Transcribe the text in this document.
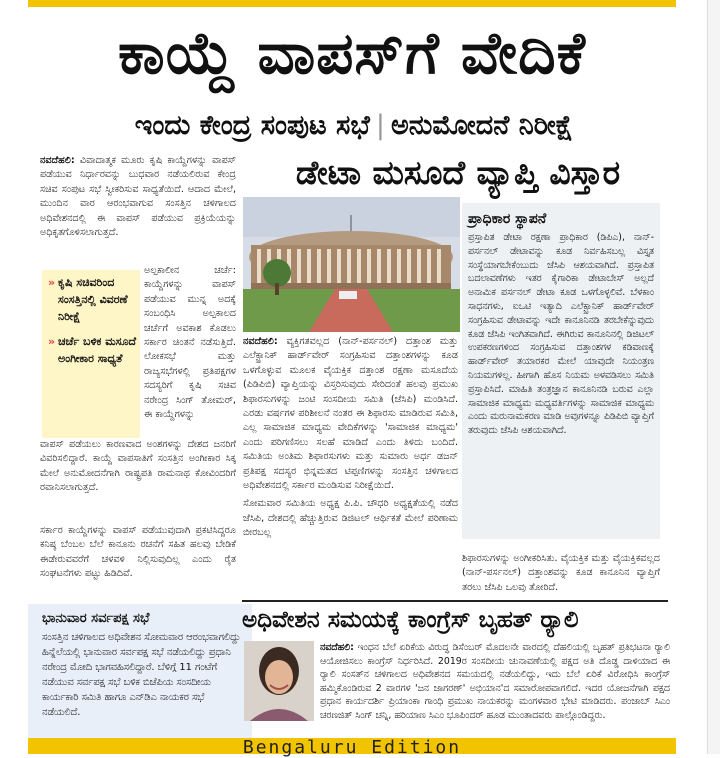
ಕಾಯ್ದೆ ವಾಪಸ್‌ಗೆ ವೇದಿಕೆ
ಇಂದು ಕೇಂದ್ರ ಸಂಪುಟ ಸಭೆ | ಅನುಮೋದನೆ ನಿರೀಕ್ಷೆ

ನವದೆಹಲಿ: ವಿವಾದಾತ್ಮಕ ಮೂರು ಕೃಷಿ ಕಾಯ್ದೆಗಳನ್ನು ವಾಪಸ್ ಪಡೆಯುವ ನಿರ್ಧಾರವನ್ನು ಬುಧವಾರ ನಡೆಯಲಿರುವ ಕೇಂದ್ರ ಸಚಿವ ಸಂಪುಟ ಸಭೆ ಸ್ವೀಕರಿಸುವ ಸಾಧ್ಯತೆಯಿದೆ. ಆದಾದ ಮೇಲೆ, ಮುಂದಿನ ವಾರ ಆರಂಭವಾಗುವ ಸಂಸತ್ತಿನ ಚಳಿಗಾಲದ ಅಧಿವೇಶನದಲ್ಲಿ ಈ ವಾಪಸ್ ಪಡೆಯುವ ಪ್ರಕ್ರಿಯೆಯನ್ನು ಅಧಿಕೃತಗೊಳಿಸಲಾಗುತ್ತದೆ.

» ಕೃಷಿ ಸಚಿವರಿಂದ ಸಂಸತ್ತಿನಲ್ಲಿ ವಿವರಣೆ ನಿರೀಕ್ಷೆ
» ಚರ್ಚೆ ಬಳಿಕ ಮಸೂದೆ ಅಂಗೀಕಾರ ಸಾಧ್ಯತೆ
ಅಲ್ಪಕಾಲೀನ ಚರ್ಚೆ: ಕಾಯ್ದೆಗಳನ್ನು ವಾಪಸ್ ಪಡೆಯುವ ಮುನ್ನ ಅದಕ್ಕೆ ಸಂಬಂಧಿಸಿ ಅಲ್ಪಕಾಲದ ಚರ್ಚೆಗೆ ಅವಕಾಶ ಕೊಡಲು ಸರ್ಕಾರ ಚಿಂತನೆ ನಡೆಸುತ್ತಿದೆ. ಲೋಕಸಭೆ ಮತ್ತು ರಾಜ್ಯಸಭೆಗಳಲ್ಲಿ ಪ್ರತಿಪಕ್ಷಗಳ ಸದಸ್ಯರಿಗೆ ಕೃಷಿ ಸಚಿವ ನರೇಂದ್ರ ಸಿಂಗ್ ತೋಮರ್, ಈ ಕಾಯ್ದೆಗಳನ್ನು
ವಾಪಸ್ ಪಡೆಯಲು ಕಾರಣವಾದ ಅಂಶಗಳನ್ನು ದೇಶದ ಜನರಿಗೆ ವಿವರಿಸಲಿದ್ದಾರೆ. ಕಾಯ್ದೆ ವಾಪಸಾತಿಗೆ ಸಂಸತ್ತಿನ ಅಂಗೀಕಾರ ಸಿಕ್ಕ ಮೇಲೆ ಅನುಮೋದನೆಗಾಗಿ ರಾಷ್ಟ್ರಪತಿ ರಾಮನಾಥ ಕೋವಿಂದರಿಗೆ ರವಾನಿಸಲಾಗುತ್ತದೆ.
ಸರ್ಕಾರ ಕಾಯ್ದೆಗಳನ್ನು ವಾಪಸ್ ಪಡೆಯುವುದಾಗಿ ಪ್ರಕಟಿಸಿದ್ದರೂ ಕನಿಷ್ಠ ಬೆಂಬಲ ಬೆಲೆ ಕಾನೂನು ರಚನೆಗೆ ಸಹಿತ ಹಲವು ಬೇಡಿಕೆ ಈಡೇರುವವರೆಗೆ ಚಳವಳಿ ನಿಲ್ಲಿಸುವುದಿಲ್ಲ ಎಂದು ರೈತ ಸಂಘಟನೆಗಳು ಪಟ್ಟು ಹಿಡಿದಿವೆ.
ಭಾನುವಾರ ಸರ್ವಪಕ್ಷ ಸಭೆ
ಸಂಸತ್ತಿನ ಚಳಿಗಾಲದ ಅಧಿವೇಶನ ಸೋಮವಾರ ಆರಂಭವಾಗಲಿದ್ದು ಹಿನ್ನೆಲೆಯಲ್ಲಿ ಭಾನುವಾರ ಸರ್ವಪಕ್ಷ ಸಭೆ ನಡೆಯಲಿದ್ದು ಪ್ರಧಾನಿ ನರೇಂದ್ರ ಮೋದಿ ಭಾಗವಹಿಸಲಿದ್ದಾರೆ. ಬೆಳಿಗ್ಗೆ 11 ಗಂಟೆಗೆ ನಡೆಯುವ ಸರ್ವಪಕ್ಷ ಸಭೆ ಬಳಿಕ ಬಿಜೆಪಿಯ ಸಂಸದೀಯ ಕಾರ್ಯಕಾರಿ ಸಮಿತಿ ಹಾಗೂ ಎನ್‌ಡಿಎ ನಾಯಕರ ಸಭೆ ನಡೆಯಲಿದೆ.
ಡೇಟಾ ಮಸೂದೆ ವ್ಯಾಪ್ತಿ ವಿಸ್ತಾರ
ಪ್ರಾಧಿಕಾರ ಸ್ಥಾಪನೆ
ಪ್ರಸ್ತಾಪಿತ ಡೇಟಾ ರಕ್ಷಣಾ ಪ್ರಾಧಿಕಾರ (ಡಿಪಿಎ), ನಾನ್-ಪರ್ಸನಲ್ ಡೇಟಾವನ್ನು ಕೂಡ ನಿರ್ವಹಿಸಬಲ್ಲ ವಿಸ್ತೃತ ಸಂಸ್ಥೆಯಾಗಬೇಕೆಂಬುದು ಜೆಸಿಪಿ ಆಶಯವಾಗಿದೆ. ಪ್ರಸ್ತಾಪಿತ ಬದಲಾವಣೆಗಳು ಇತರ ಕೈಗಾರಿಕಾ ಡೇಟಾಬೇಸ್ ಅಲ್ಲದೆ ಅನಾಮಿಕ ಪರ್ಸನಲ್ ಡೇಟಾ ಕೂಡ ಒಳಗೊಳ್ಳಲಿವೆ. ಬೆಳಕಾಂ ಸಾಧನಗಳು, ಐಒಟಿ ಇತ್ಯಾದಿ ಎಲೆಕ್ಟ್ರಾನಿಕ್ ಹಾರ್ಡ್‌ವೇರ್ ಸಂಗ್ರಹಿಸುವ ಡೇಟಾವನ್ನು ಇದೇ ಕಾನೂನಿನಡಿ ತರಬೇಕೆನ್ನುವುದು ಕೂಡ ಜೆಸಿಪಿ ಇಂಗಿತವಾಗಿದೆ. ಈಗಿರುವ ಕಾನೂನಿನಲ್ಲಿ ಡಿಜಿಟಲ್ ಉಪಕರಣಗಳಿಂದ ಸಂಗ್ರಹಿಸುವ ದತ್ತಾಂಶಗಳ ಕಡಿವಾಣಕ್ಕೆ ಹಾರ್ಡ್‌ವೇರ್ ತಯಾರಕರ ಮೇಲೆ ಯಾವುದೇ ನಿಯಂತ್ರಣ ನಿಯಮಗಳಿಲ್ಲ. ಹೀಗಾಗಿ ಹೊಸ ನಿಯಮ ಅಳವಡಿಸಲು ಸಮಿತಿ ಪ್ರಸ್ತಾಪಿಸಿದೆ. ಮಾಹಿತಿ ತಂತ್ರಜ್ಞಾನ ಕಾನೂನಿನಡಿ ಬರುವ ಎಲ್ಲಾ ಸಾಮಾಜಿಕ ಮಾಧ್ಯಮ ಮಧ್ಯವರ್ತಿಗಳನ್ನು ಸಾಮಾಜಿಕ ಮಾಧ್ಯಮ ಎಂದು ಮರುನಾಮಕರಣ ಮಾಡಿ ಅವುಗಳನ್ನೂ ಪಿಡಿಪಿಬಿ ವ್ಯಾಪ್ತಿಗೆ ತರುವುದು ಜೆಸಿಪಿ ಆಶಯವಾಗಿದೆ.

ನವದೆಹಲಿ: ವ್ಯಕ್ತಿಗತವಲ್ಲದ (ನಾನ್-ಪರ್ಸನಲ್) ದತ್ತಾಂಶ ಮತ್ತು ಎಲೆಕ್ಟ್ರಾನಿಕ್ ಹಾರ್ಡ್‌ವೇರ್ ಸಂಗ್ರಹಿಸುವ ದತ್ತಾಂಶಗಳನ್ನು ಕೂಡ ಒಳಗೊಳ್ಳುವ ಮೂಲಕ ವೈಯಕ್ತಿಕ ದತ್ತಾಂಶ ರಕ್ಷಣಾ ಮಸೂದೆಯ (ಪಿಡಿಪಿಬಿ) ವ್ಯಾಪ್ತಿಯನ್ನು ವಿಸ್ತರಿಸುವುದು ಸೇರಿದಂತೆ ಹಲವು ಪ್ರಮುಖ ಶಿಫಾರಸುಗಳನ್ನು ಜಂಟಿ ಸಂಸದೀಯ ಸಮಿತಿ (ಜೆಸಿಪಿ) ಮಂಡಿಸಿದೆ. ಎರಡು ವರ್ಷಗಳ ಪರಿಶೀಲನೆ ನಂತರ ಈ ಶಿಫಾರಸು ಮಾಡಿರುವ ಸಮಿತಿ, ಎಲ್ಲ ಸಾಮಾಜಿಕ ಮಾಧ್ಯಮ ವೇದಿಕೆಗಳನ್ನು 'ಸಾಮಾಜಿಕ ಮಾಧ್ಯಮ' ಎಂದು ಪರಿಗಣಿಸಲು ಸಲಹೆ ಮಾಡಿದೆ ಎಂದು ತಿಳಿದು ಬಂದಿದೆ. ಸಮಿತಿಯ ಅಂತಿಮ ಶಿಫಾರಸುಗಳು ಮತ್ತು ಸುಮಾರು ಅರ್ಧ ಡಜನ್ ಪ್ರತಿಪಕ್ಷ ಸದಸ್ಯರ ಭಿನ್ನಮತದ ಟಿಪ್ಪಣಿಗಳನ್ನು ಸಂಸತ್ತಿನ ಚಳಿಗಾಲದ ಅಧಿವೇಶನದಲ್ಲಿ ಸರ್ಕಾರ ಮಂಡಿಸುವ ನಿರೀಕ್ಷೆಯಿದೆ.

ಸೋಮವಾರ ಸಮಿತಿಯ ಅಧ್ಯಕ್ಷ ಪಿ.ಪಿ. ಚೌಧರಿ ಅಧ್ಯಕ್ಷತೆಯಲ್ಲಿ ನಡೆದ ಜೆಸಿಪಿ, ದೇಶದಲ್ಲಿ ಹೆಚ್ಚುತ್ತಿರುವ ಡಿಜಿಟಲ್ ಆರ್ಥಿಕತೆ ಮೇಲೆ ಪರಿಣಾಮ ಬೀರಬಲ್ಲ

ಶಿಫಾರಸುಗಳನ್ನು ಅಂಗೀಕರಿಸಿತು. ವೈಯಕ್ತಿಕ ಮತ್ತು ವೈಯಕ್ತಿಕವಲ್ಲದ (ನಾನ್-ಪರ್ಸನಲ್) ದತ್ತಾಂಶವನ್ನು ಕೂಡ ಕಾನೂನಿನ ವ್ಯಾಪ್ತಿಗೆ ತರಲು ಜೆಸಿಪಿ ಒಲವು ತೋರಿದೆ.
ಅಧಿವೇಶನ ಸಮಯಕ್ಕೆ ಕಾಂಗ್ರೆಸ್ ಬೃಹತ್ ರ‍್ಯಾಲಿ

ನವದೆಹಲಿ: ಇಂಧನ ಬೆಲೆ ಏರಿಕೆಯ ವಿರುದ್ಧ ಡಿಸೆಂಬರ್ ಮೊದಲನೇ ವಾರದಲ್ಲಿ ದೆಹಲಿಯಲ್ಲಿ ಬೃಹತ್ ಪ್ರತಿಭಟನಾ ರ‍್ಯಾಲಿ ಆಯೋಜಿಸಲು ಕಾಂಗ್ರೆಸ್ ನಿರ್ಧರಿಸಿದೆ. 2019ರ ಸಂಸದೀಯ ಚುನಾವಣೆಯಲ್ಲಿ ಪಕ್ಷದ ಅತಿ ದೊಡ್ಡ ದಾಳಿಯಾದ ಈ ರ‍್ಯಾಲಿ ಸಂಸತ್‌ನ ಚಳಿಗಾಲದ ಅಧಿವೇಶನದ ಸಮಯದಲ್ಲಿ ನಡೆಯಲಿದ್ದು, ಇದು ಬೆಲೆ ಏರಿಕೆ ವಿರೋಧಿಸಿ ಕಾಂಗ್ರೆಸ್ ಹಮ್ಮಿಕೊಂಡಿರುವ 2 ವಾರಗಳ 'ಜನ ಜಾಗರಣ್' ಅಭಿಯಾನ'ದ ಸಮಾರೋಪವಾಗಲಿದೆ. ಇದರ ಯೋಜನೆಗಾಗಿ ಪಕ್ಷದ ಪ್ರಧಾನ ಕಾರ್ಯದರ್ಶಿ ಪ್ರಿಯಾಂಕಾ ಗಾಂಧಿ ಪ್ರಮುಖ ನಾಯಕರನ್ನು ಮಂಗಳವಾರ ಭೇಟಿ ಮಾಡಿದರು. ಪಂಜಾಬ್ ಸಿಎಂ ಚರಣಜಿತ್ ಸಿಂಗ್ ಚನ್ನಿ, ಹರಿಯಾಣ ಸಿಎಂ ಭೂಪಿಂದರ್ ಹೂಡ ಮುಂತಾದವರು ಪಾಲ್ಗೊಂಡಿದ್ದರು.

Bengaluru Edition
